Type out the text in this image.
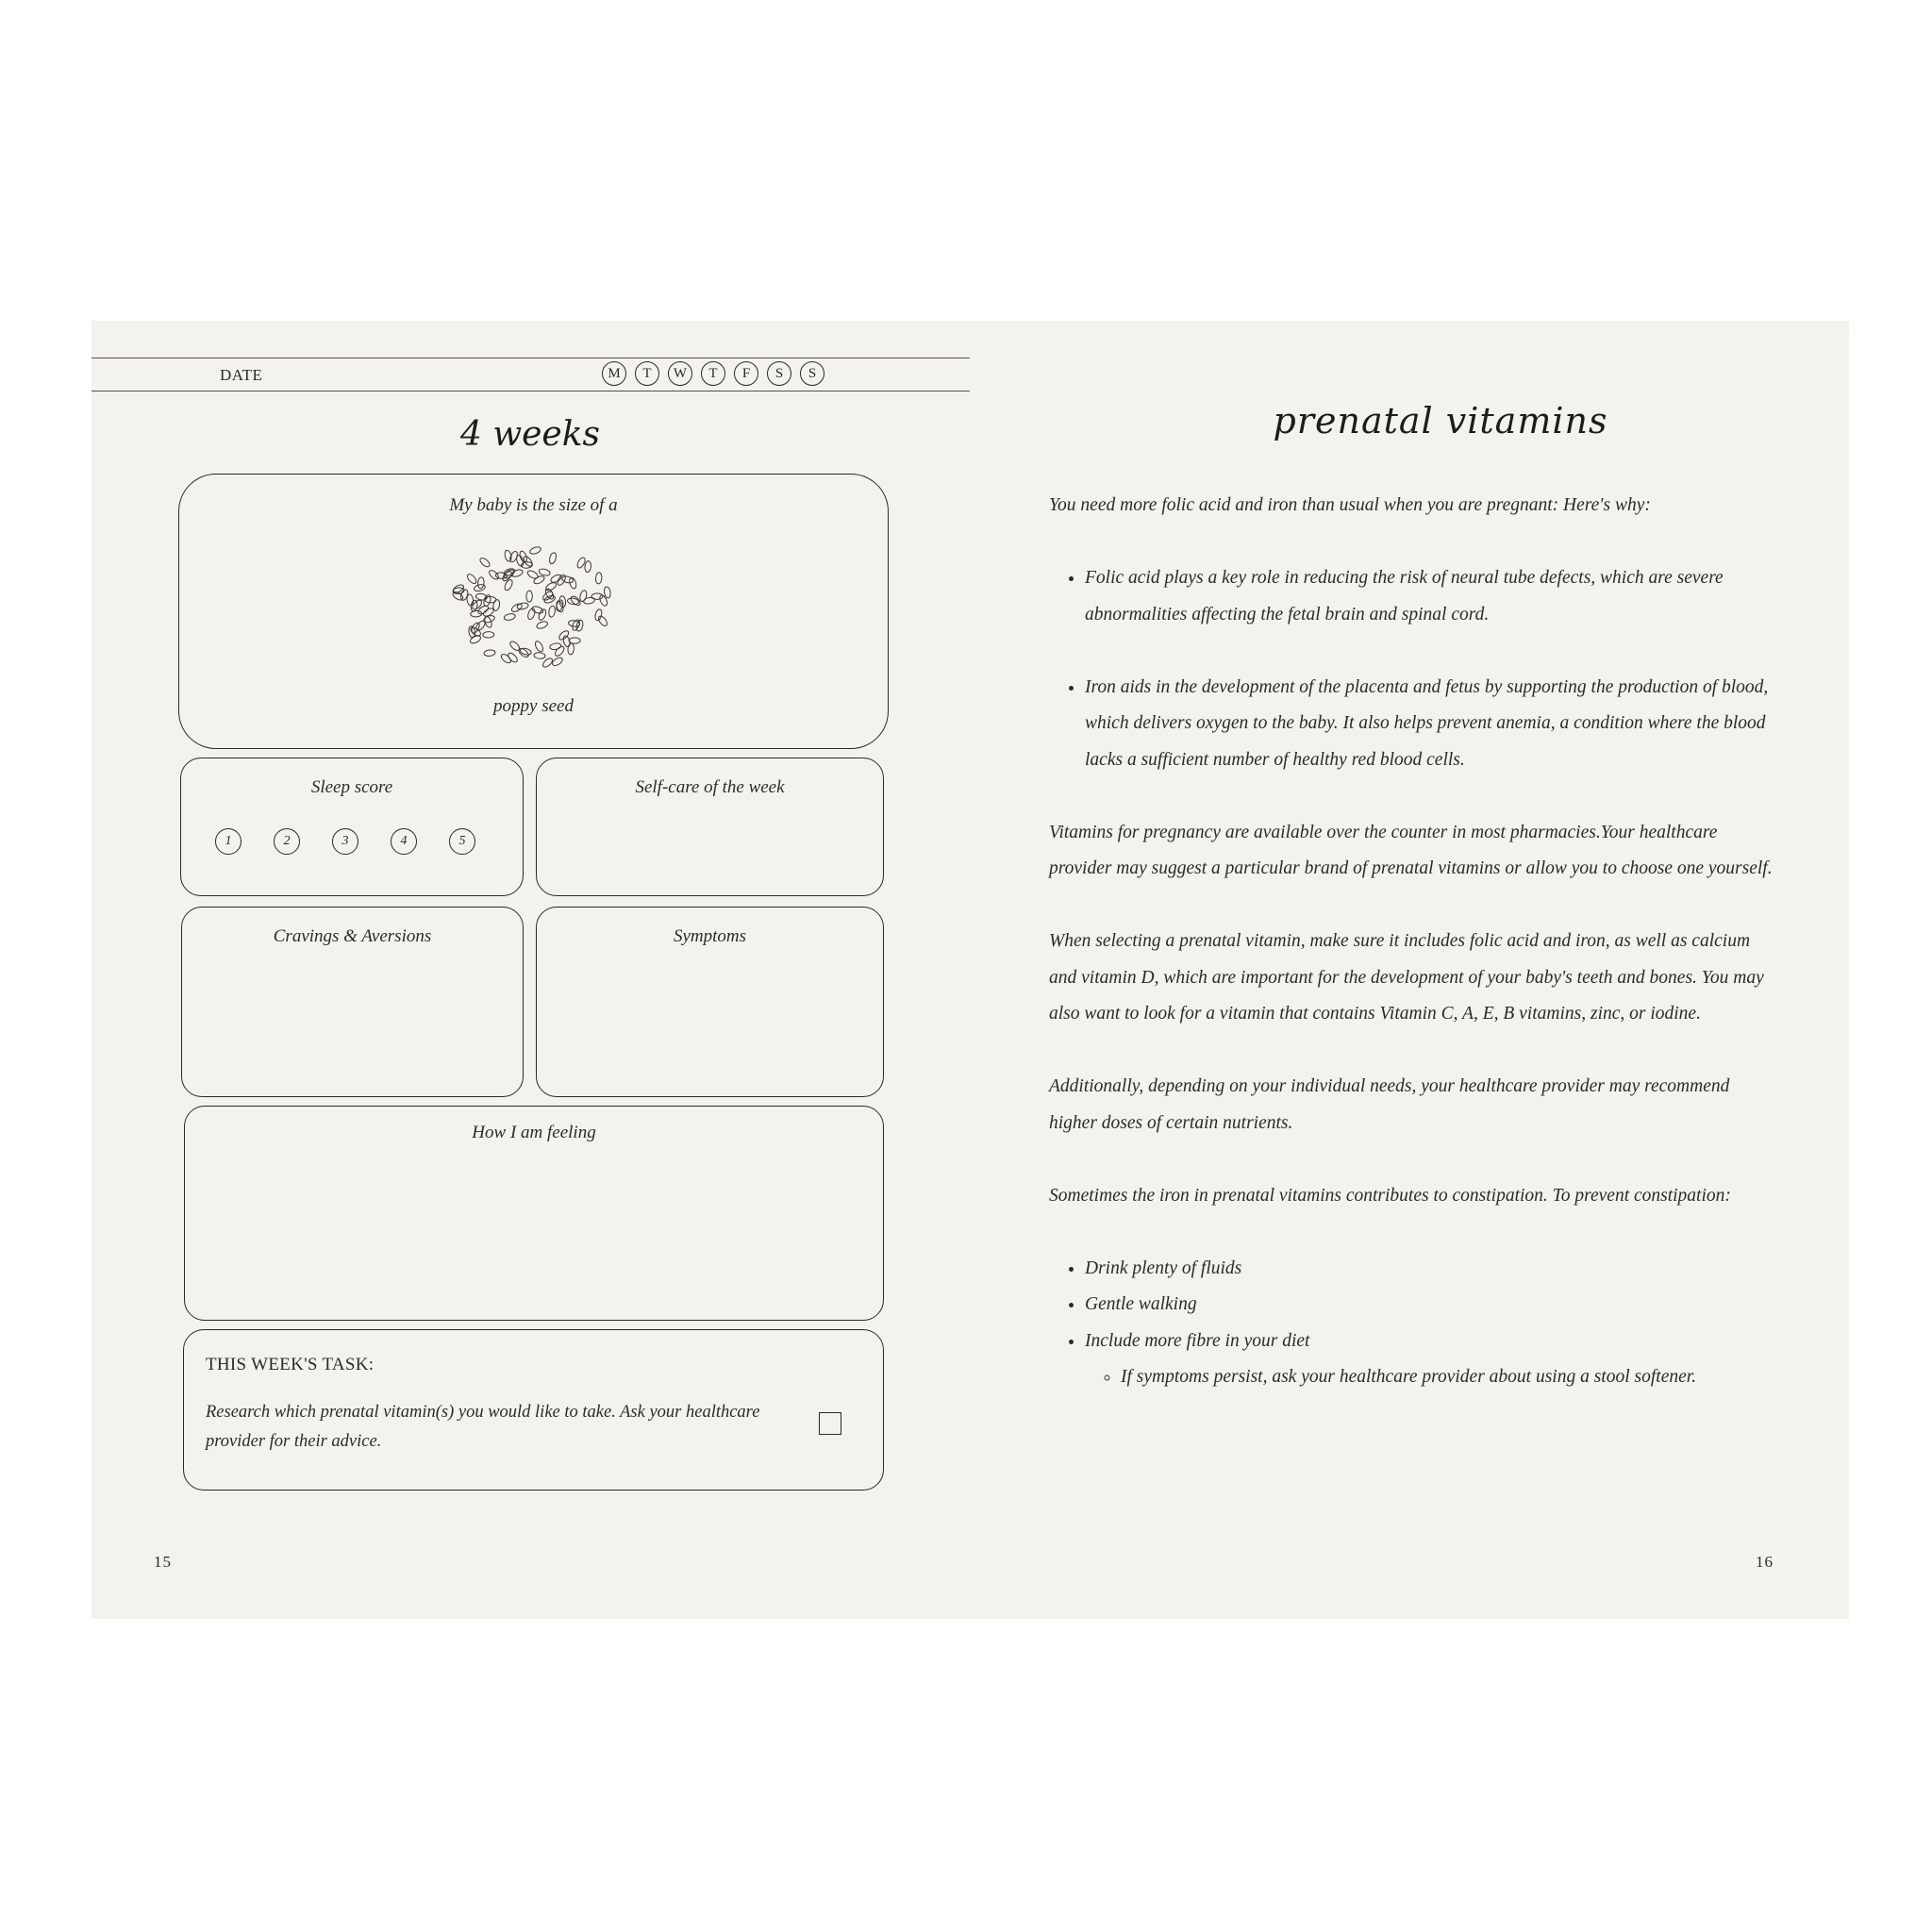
DATE	M	T	W	T	F	S	S
4 weeks
My baby is the size of a
poppy seed
Sleep score
1	2	3	4	5
Self-care of the week
Cravings & Aversions	Symptoms
How I am feeling
THIS WEEK'S TASK:
Research which prenatal vitamin(s) you would like to take. Ask your healthcare provider for their advice.
15
prenatal vitamins

You need more folic acid and iron than usual when you are pregnant: Here's why:

• Folic acid plays a key role in reducing the risk of neural tube defects, which are severe abnormalities affecting the fetal brain and spinal cord.
• Iron aids in the development of the placenta and fetus by supporting the production of blood, which delivers oxygen to the baby. It also helps prevent anemia, a condition where the blood lacks a sufficient number of healthy red blood cells.

Vitamins for pregnancy are available over the counter in most pharmacies.Your healthcare provider may suggest a particular brand of prenatal vitamins or allow you to choose one yourself.

When selecting a prenatal vitamin, make sure it includes folic acid and iron, as well as calcium and vitamin D, which are important for the development of your baby's teeth and bones. You may also want to look for a vitamin that contains Vitamin C, A, E, B vitamins, zinc, or iodine.

Additionally, depending on your individual needs, your healthcare provider may recommend higher doses of certain nutrients.

Sometimes the iron in prenatal vitamins contributes to constipation. To prevent constipation:

• Drink plenty of fluids
• Gentle walking
• Include more fibre in your diet
◦ If symptoms persist, ask your healthcare provider about using a stool softener.
16
